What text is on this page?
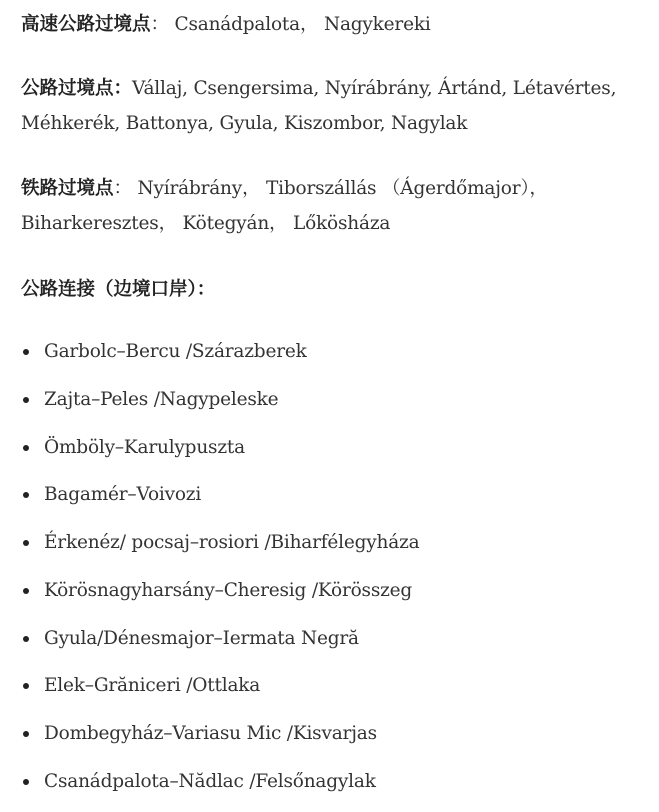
高速公路过境点： Csanádpalota， Nagykereki

公路过境点：Vállaj, Csengersima, Nyírábrány, Ártánd, Létavértes, Méhkerék, Battonya, Gyula, Kiszombor, Nagylak

铁路过境点： Nyírábrány， Tiborszállás （Ágerdőmajor）， Biharkeresztes， Kötegyán， Lőkösháza

公路连接（边境口岸）：
Garbolc–Bercu /Szárazberek
Zajta–Peles /Nagypeleske
Ömböly–Karulypuszta
Bagamér–Voivozi
Érkenéz/ pocsaj–rosiori /Biharfélegyháza
Körösnagyharsány–Cheresig /Körösszeg
Gyula/Dénesmajor–Iermata Negră
Elek–Grăniceri /Ottlaka
Dombegyház–Variasu Mic /Kisvarjas
Csanádpalota–Nădlac /Felsőnagylak
